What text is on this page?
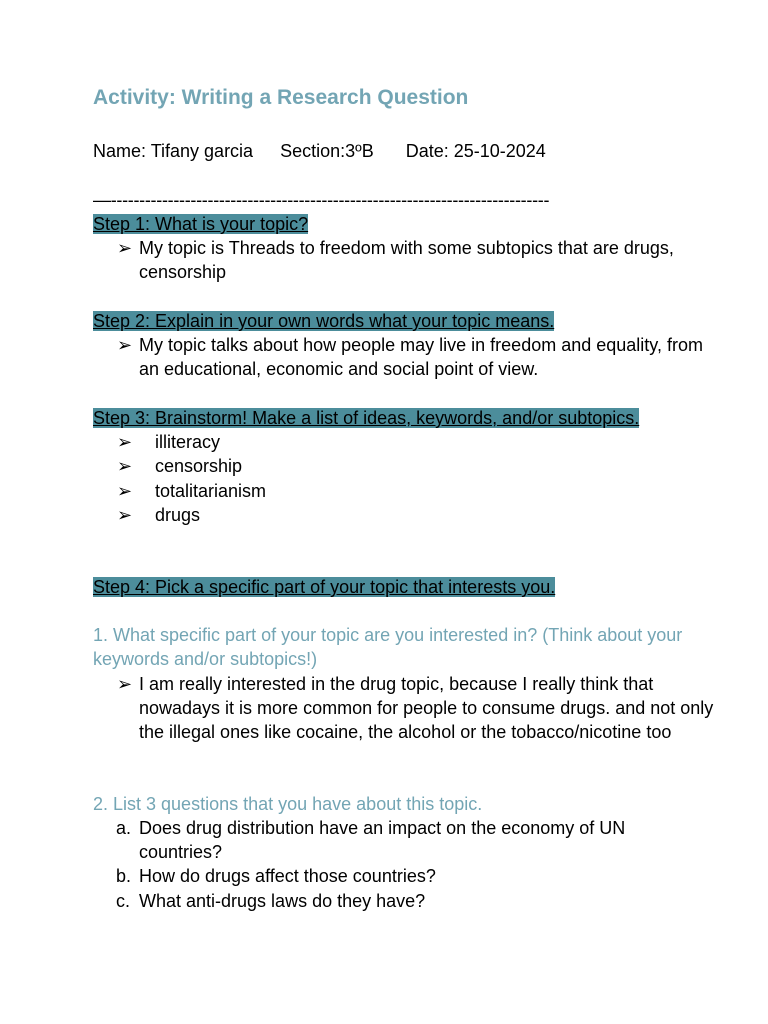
Activity: Writing a Research Question
Name: Tifany garcia Section:3ºB Date: 25-10-2024
—-----------------------------------------------------------------------------
Step 1: What is your topic?
➢ My topic is Threads to freedom with some subtopics that are drugs, censorship
Step 2: Explain in your own words what your topic means.
➢ My topic talks about how people may live in freedom and equality, from an educational, economic and social point of view.
Step 3: Brainstorm! Make a list of ideas, keywords, and/or subtopics.
➢ illiteracy
➢ censorship
➢ totalitarianism
➢ drugs
Step 4: Pick a specific part of your topic that interests you.
1. What specific part of your topic are you interested in? (Think about your keywords and/or subtopics!)
➢ I am really interested in the drug topic, because I really think that nowadays it is more common for people to consume drugs. and not only the illegal ones like cocaine, the alcohol or the tobacco/nicotine too
2. List 3 questions that you have about this topic.
a. Does drug distribution have an impact on the economy of UN countries?
b. How do drugs affect those countries?
c. What anti-drugs laws do they have?
